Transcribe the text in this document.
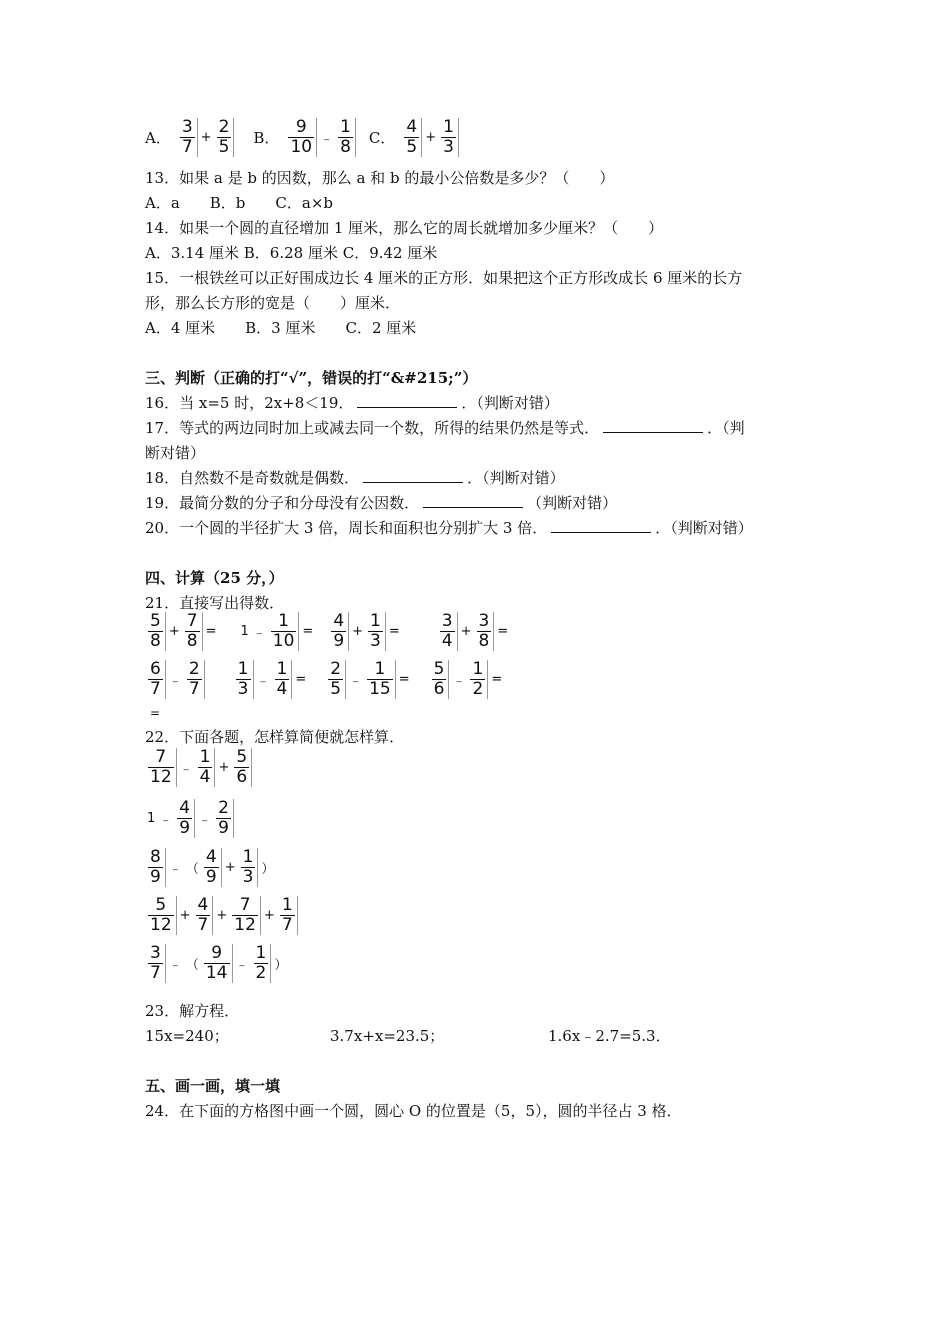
A． $\frac{3}{7} + \frac{2}{5}$ B． $\frac{9}{10}$ ﹣ $\frac{1}{8}$ C． $\frac{4}{5} + \frac{1}{3}$
13．如果 a 是 b 的因数，那么 a 和 b 的最小公倍数是多少？（　　）
A．a　　B．b　　C．a×b
14．如果一个圆的直径增加 1 厘米，那么它的周长就增加多少厘米？（　　）
A．3.14 厘米 B．6.28 厘米 C．9.42 厘米
15．一根铁丝可以正好围成边长 4 厘米的正方形．如果把这个正方形改成长 6 厘米的长方
形，那么长方形的宽是（　　）厘米．
A．4 厘米　　B．3 厘米　　C．2 厘米
三、判断（正确的打“√”，错误的打“&#215;”）
16．当 x=5 时，2x+8＜19．	．（判断对错）
17．等式的两边同时加上或减去同一个数，所得的结果仍然是等式．	．（判
断对错）
18．自然数不是奇数就是偶数．	．（判断对错）
19．最简分数的分子和分母没有公因数．	（判断对错）
20．一个圆的半径扩大 3 倍，周长和面积也分别扩大 3 倍．	．（判断对错）
四、计算（25 分，）
21．直接写出得数．
$\frac{5}{8} + \frac{7}{8} = 1$ ﹣ $\frac{1}{10} = \frac{4}{9} + \frac{1}{3} = \frac{3}{4} + \frac{3}{8}$ =
$\frac{6}{7}$ ﹣ $\frac{2}{7} \frac{1}{3}$ ﹣ $\frac{1}{4} = \frac{2}{5}$ ﹣ $\frac{1}{15} = \frac{5}{6}$ ﹣ $\frac{1}{2}$ =
=
22．下面各题，怎样算简便就怎样算．
$\frac{7}{12}$ ﹣ $\frac{1}{4} + \frac{5}{6}$
1 ﹣ $\frac{4}{9}$ ﹣ $\frac{2}{9}$
$\frac{8}{9}$ ﹣ （ $\frac{4}{9} + \frac{1}{3}$ ）
$\frac{5}{12} + \frac{4}{7} + \frac{7}{12} + \frac{1}{7}$
$\frac{3}{7}$ ﹣ （ $\frac{9}{14}$ ﹣ $\frac{1}{2}$ ）
23．解方程．
15x=240；	3.7x+x=23.5；	1.6x﹣2.7=5.3．
五、画一画，填一填
24．在下面的方格图中画一个圆，圆心 O 的位置是（5，5），圆的半径占 3 格．
